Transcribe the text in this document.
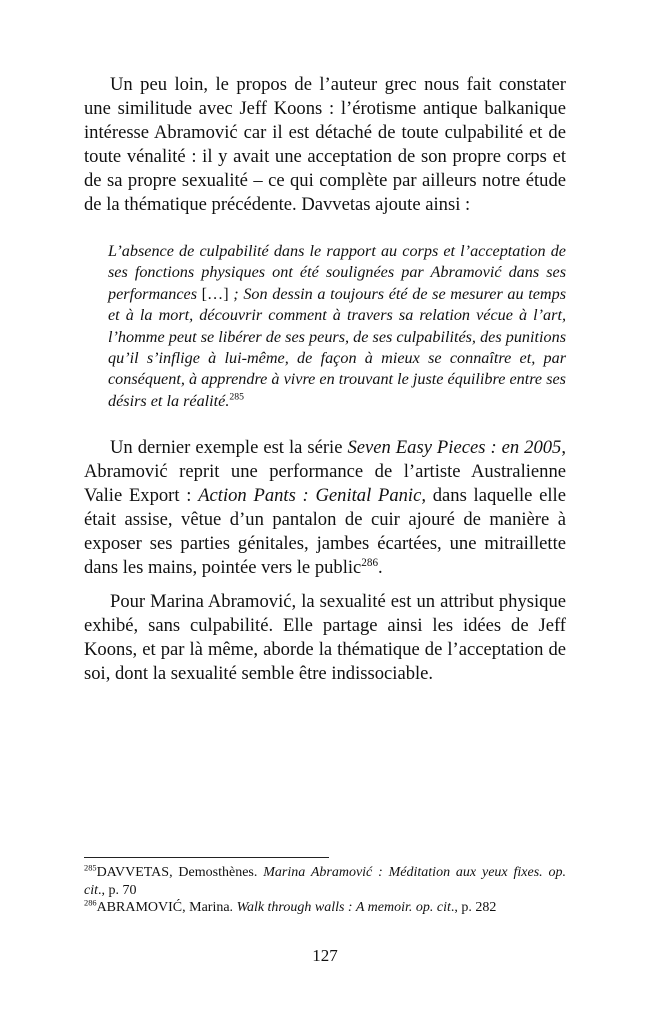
Un peu loin, le propos de l’auteur grec nous fait constater une similitude avec Jeff Koons : l’érotisme antique balkanique intéresse Abramović car il est détaché de toute culpabilité et de toute vénalité : il y avait une acceptation de son propre corps et de sa propre sexualité – ce qui complète par ailleurs notre étude de la thématique précédente. Davvetas ajoute ainsi :

L’absence de culpabilité dans le rapport au corps et l’acceptation de ses fonctions physiques ont été soulignées par Abramović dans ses performances […] ; Son dessin a toujours été de se mesurer au temps et à la mort, découvrir comment à travers sa relation vécue à l’art, l’homme peut se libérer de ses peurs, de ses culpabilités, des punitions qu’il s’inflige à lui-même, de façon à mieux se connaître et, par conséquent, à apprendre à vivre en trouvant le juste équilibre entre ses désirs et la réalité.$^{285}$

Un dernier exemple est la série Seven Easy Pieces : en 2005, Abramović reprit une performance de l’artiste Australienne Valie Export : Action Pants : Genital Panic, dans laquelle elle était assise, vêtue d’un pantalon de cuir ajouré de manière à exposer ses parties génitales, jambes écartées, une mitraillette dans les mains, pointée vers le public$^{286}$.

Pour Marina Abramović, la sexualité est un attribut physique exhibé, sans culpabilité. Elle partage ainsi les idées de Jeff Koons, et par là même, aborde la thématique de l’acceptation de soi, dont la sexualité semble être indissociable.

$^{285}$DAVVETAS, Demosthènes. Marina Abramović : Méditation aux yeux fixes. op. cit., p. 70

$^{286}$ABRAMOVIĆ, Marina. Walk through walls : A memoir. op. cit., p. 282

127
